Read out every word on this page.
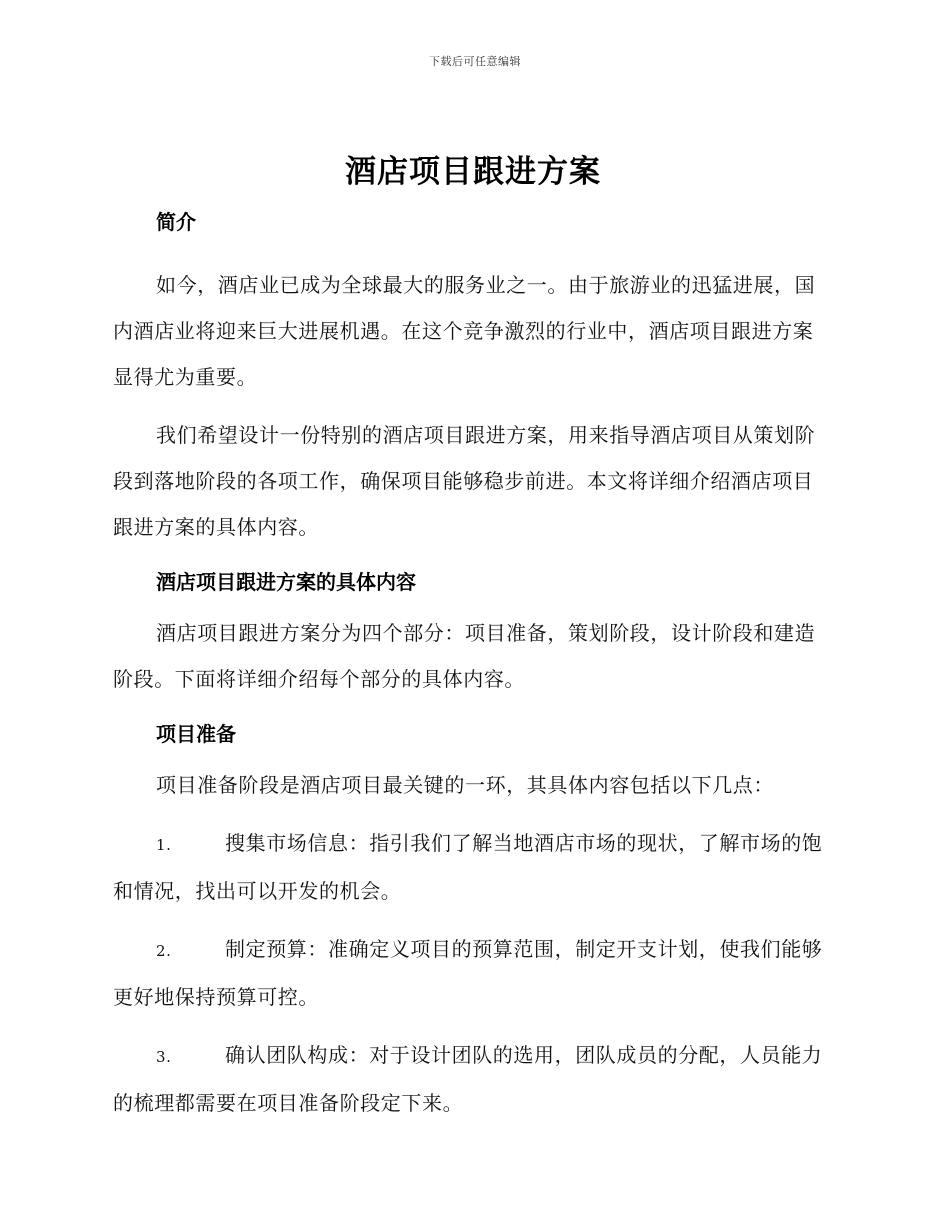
下载后可任意编辑
酒店项目跟进方案
简介

如今，酒店业已成为全球最大的服务业之一。由于旅游业的迅猛进展，国内酒店业将迎来巨大进展机遇。在这个竞争激烈的行业中，酒店项目跟进方案显得尤为重要。

我们希望设计一份特别的酒店项目跟进方案，用来指导酒店项目从策划阶段到落地阶段的各项工作，确保项目能够稳步前进。本文将详细介绍酒店项目跟进方案的具体内容。

酒店项目跟进方案的具体内容

酒店项目跟进方案分为四个部分：项目准备，策划阶段，设计阶段和建造阶段。下面将详细介绍每个部分的具体内容。

项目准备

项目准备阶段是酒店项目最关键的一环，其具体内容包括以下几点：

1.	搜集市场信息：指引我们了解当地酒店市场的现状，了解市场的饱和情况，找出可以开发的机会。

2.	制定预算：准确定义项目的预算范围，制定开支计划，使我们能够更好地保持预算可控。

3.	确认团队构成：对于设计团队的选用，团队成员的分配，人员能力的梳理都需要在项目准备阶段定下来。
